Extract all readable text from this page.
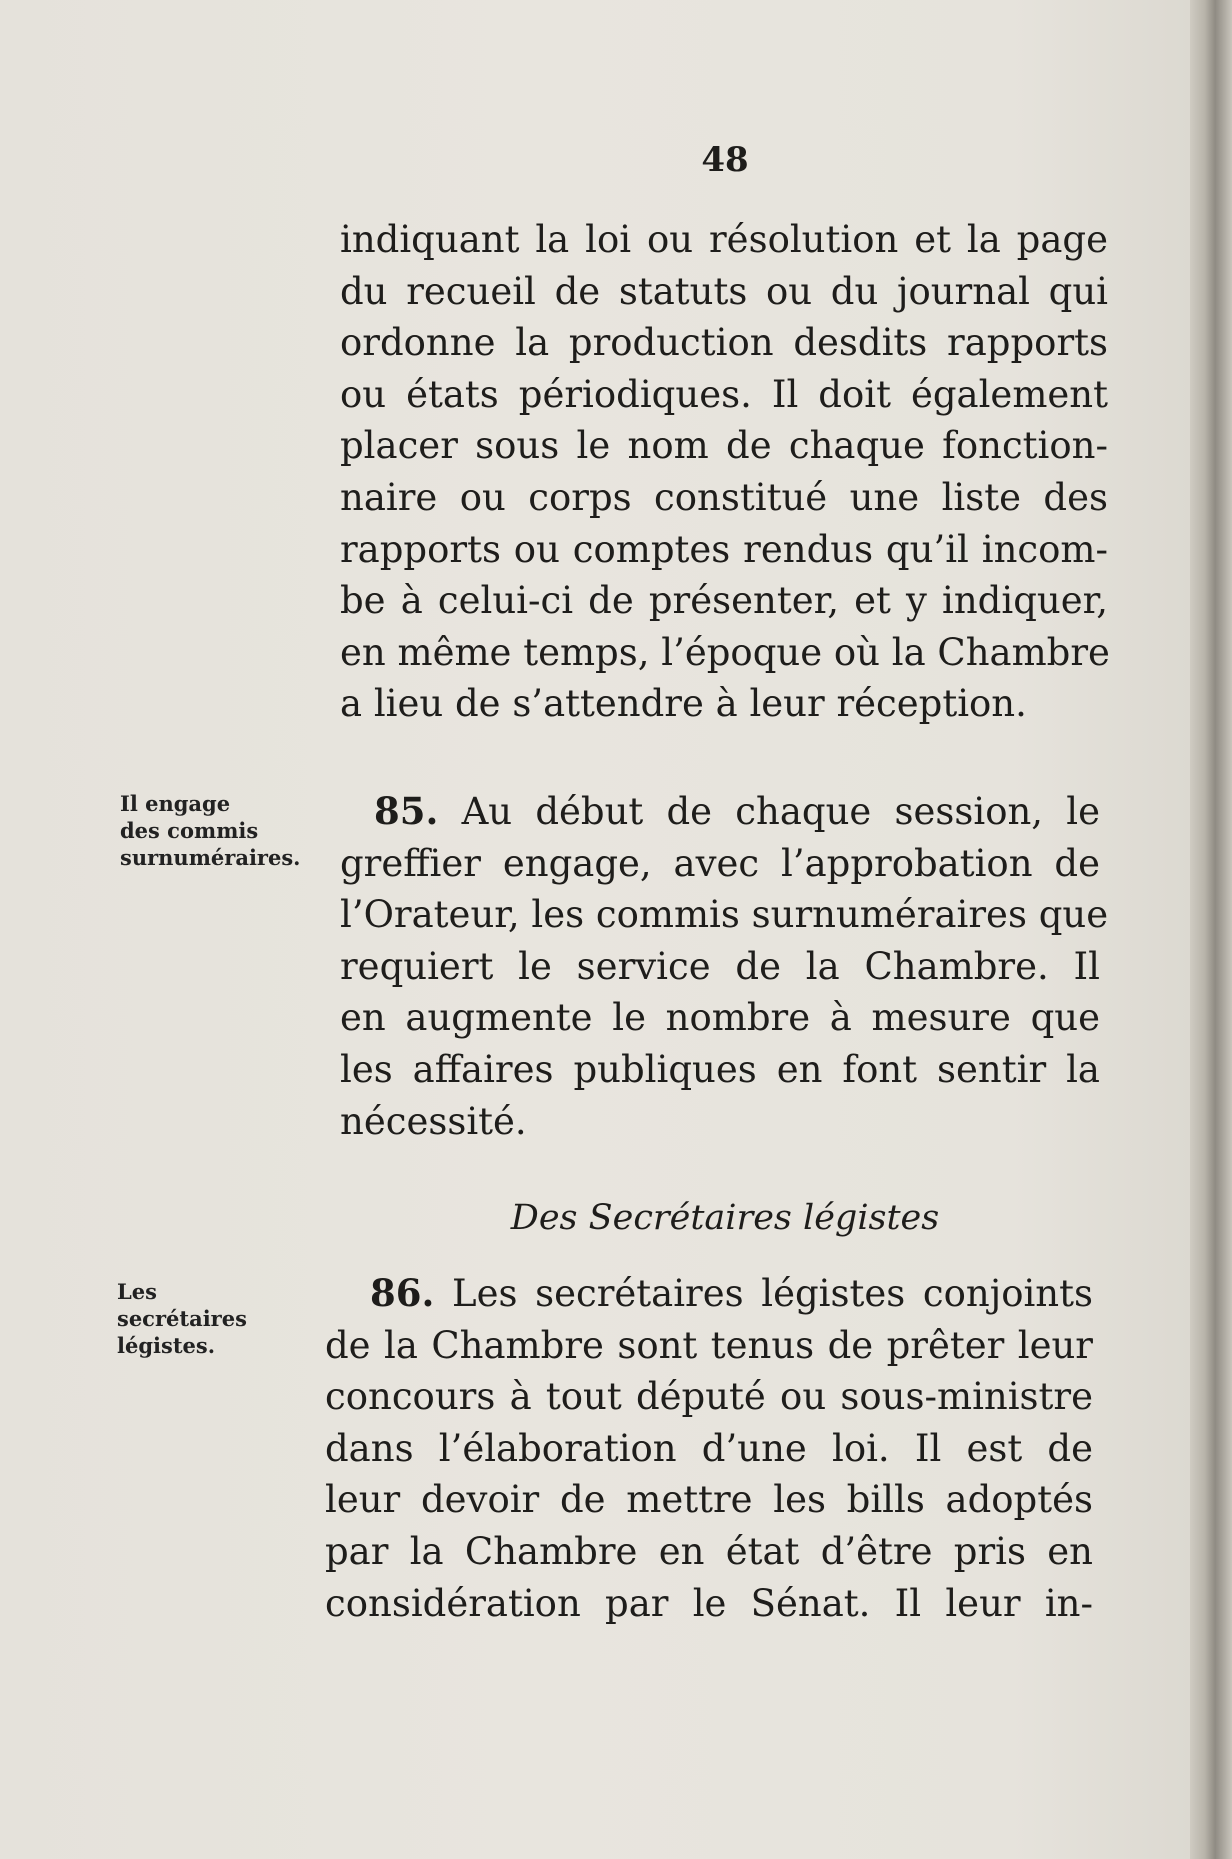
48
indiquant la loi ou résolution et la page
du recueil de statuts ou du journal qui
ordonne la production desdits rapports
ou états périodiques. Il doit également
placer sous le nom de chaque fonction-
naire ou corps constitué une liste des
rapports ou comptes rendus qu’il incom-
be à celui-ci de présenter, et y indiquer,
en même temps, l’époque où la Chambre
a lieu de s’attendre à leur réception.
Il engage
des commis
surnuméraires.
85. Au début de chaque session, le
greffier engage, avec l’approbation de
l’Orateur, les commis surnuméraires que
requiert le service de la Chambre. Il
en augmente le nombre à mesure que
les affaires publiques en font sentir la
nécessité.
Des Secrétaires légistes
Les
secrétaires
légistes.
86. Les secrétaires légistes conjoints
de la Chambre sont tenus de prêter leur
concours à tout député ou sous-ministre
dans l’élaboration d’une loi. Il est de
leur devoir de mettre les bills adoptés
par la Chambre en état d’être pris en
considération par le Sénat. Il leur in-
